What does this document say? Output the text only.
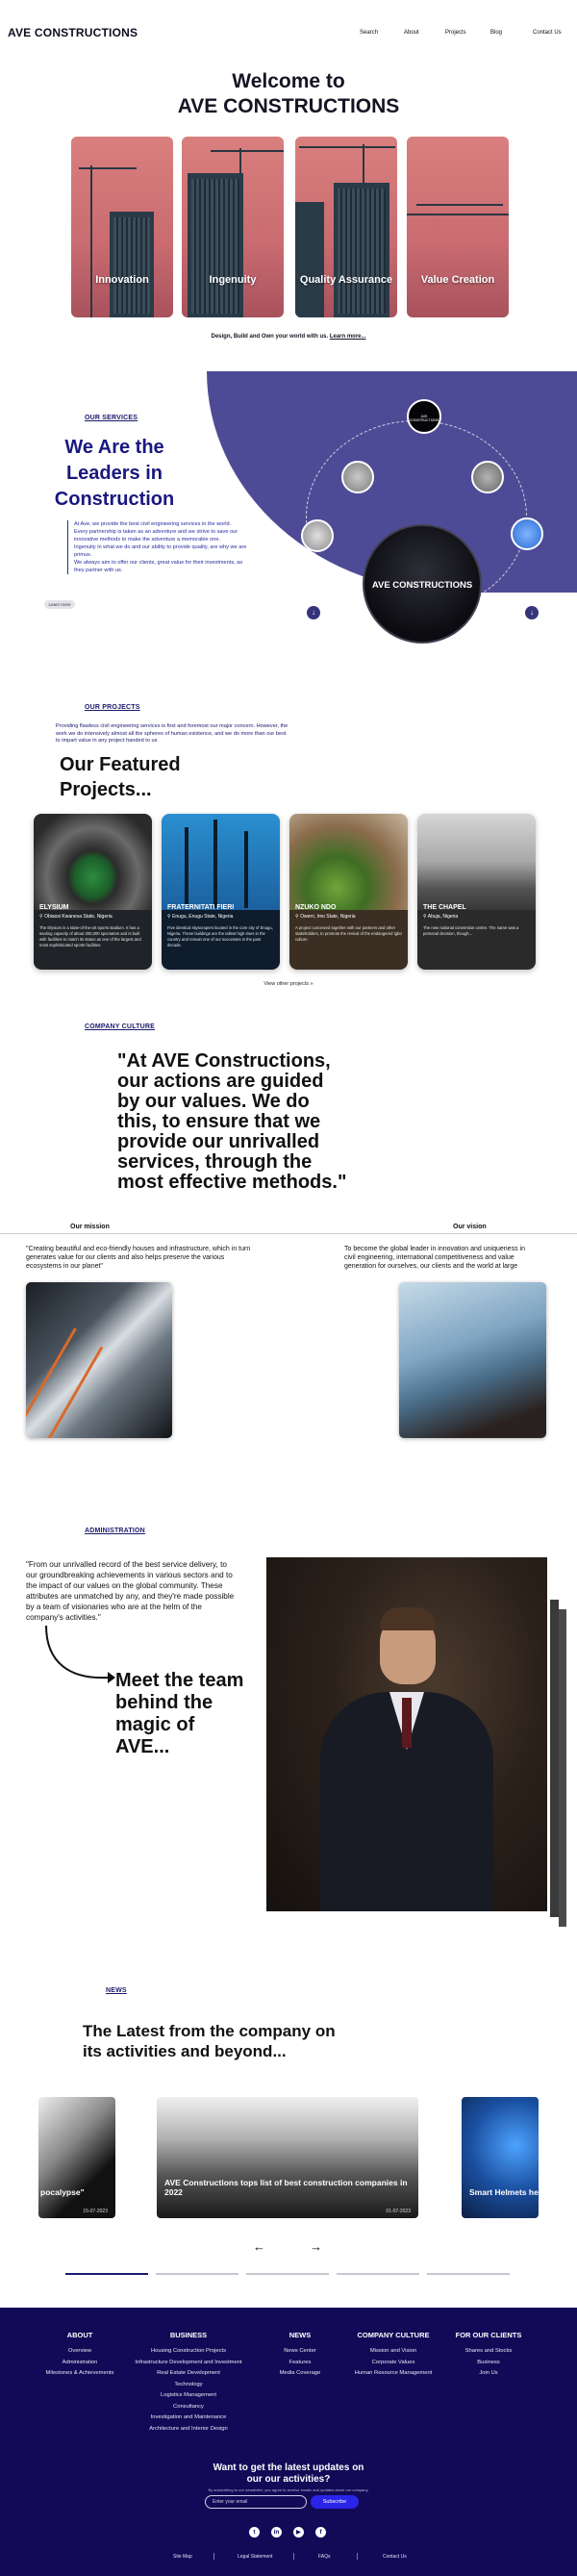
AVE CONSTRUCTIONS	Search	About	Projects	Blog	Contact Us
Welcome to
AVE CONSTRUCTIONS
Innovation	Ingenuity	Quality Assurance	Value Creation
Design, Build and Own your world with us. Learn more...
OUR SERVICES
We Are the Leaders in Construction
At Ave, we provide the best civil engineering services in the world.
Every partnership is taken as an adventure and we strive to save our innovative methods to make the adventure a memorable one.
Ingenuity in what we do and our ability to provide quality, are why we are primus.
We always aim to offer our clients, great value for their investments, as they partner with us.
Learn more
AVE CONSTRUCTIONS
AVE CONSTRUCTIONS
↓	↓
OUR PROJECTS
Providing flawless civil engineering services is first and foremost our major concern. However, the work we do intensively almost all the spheres of human existence, and we do more than our best to impart value in any project handed to us
Our Featured Projects...
ELYSIUM
⚲ Obiaosi Kwanesa State, Nigeria
The Elysium is a state-of-the-art sports stadium. It has a seating capacity of about 300,000 spectators and is built with facilities to match its status as one of the largest and most sophisticated sports facilities.
FRATERNITATI FIERI
⚲ Enugu, Enugu State, Nigeria
Five identical skyscrapers located in the core city of Enugu, Nigeria. These buildings are the tallest high-rises in the country and remain one of our successes in the past decade.
NZUKO NDO
⚲ Owerri, Imo State, Nigeria
A project conceived together with our partners and other stakeholders, to promote the revival of the endangered Igbo culture.
THE CHAPEL
⚲ Abuja, Nigeria
The new national convention centre. The name was a personal decision, though...
View other projects »
COMPANY CULTURE
"At AVE Constructions, our actions are guided by our values. We do this, to ensure that we provide our unrivalled services, through the most effective methods."
Our mission	Our vision
"Creating beautiful and eco-friendly houses and infrastructure, which in turn generates value for our clients and also helps preserve the various ecosystems in our planet"
To become the global leader in innovation and uniqueness in civil engineering, international competitiveness and value generation for ourselves, our clients and the world at large
ADMINISTRATION
"From our unrivalled record of the best service delivery, to our groundbreaking achievements in various sectors and to the impact of our values on the global community. These attributes are unmatched by any, and they're made possible by a team of visionaries who are at the helm of the company's activities."
Meet the team behind the magic of AVE...
NEWS
The Latest from the company on its activities and beyond...
pocalypse"
15-07-2023
AVE Constructions tops list of best construction companies in 2022
01-07-2023
Smart Helmets he
←	→
ABOUT
Overview
Administration
Milestones & Achievements
BUSINESS
Housing Construction Projects
Infrastructure Development and Investment
Real Estate Development
Technology
Logistics Management
Consultancy
Investigation and Maintenance
Architecture and Interior Design
NEWS
News Center
Features
Media Coverage
COMPANY CULTURE
Mission and Vision
Corporate Values
Human Resource Management
FOR OUR CLIENTS
Shares and Stocks
Business
Join Us
Want to get the latest updates on our our activities?
By subscribing to our newsletter, you agree to receive emails and updates about our company.
Enter your email	Subscribe
t	in	▶	f
Site Map	Legal Statement	FAQs	Contact Us
